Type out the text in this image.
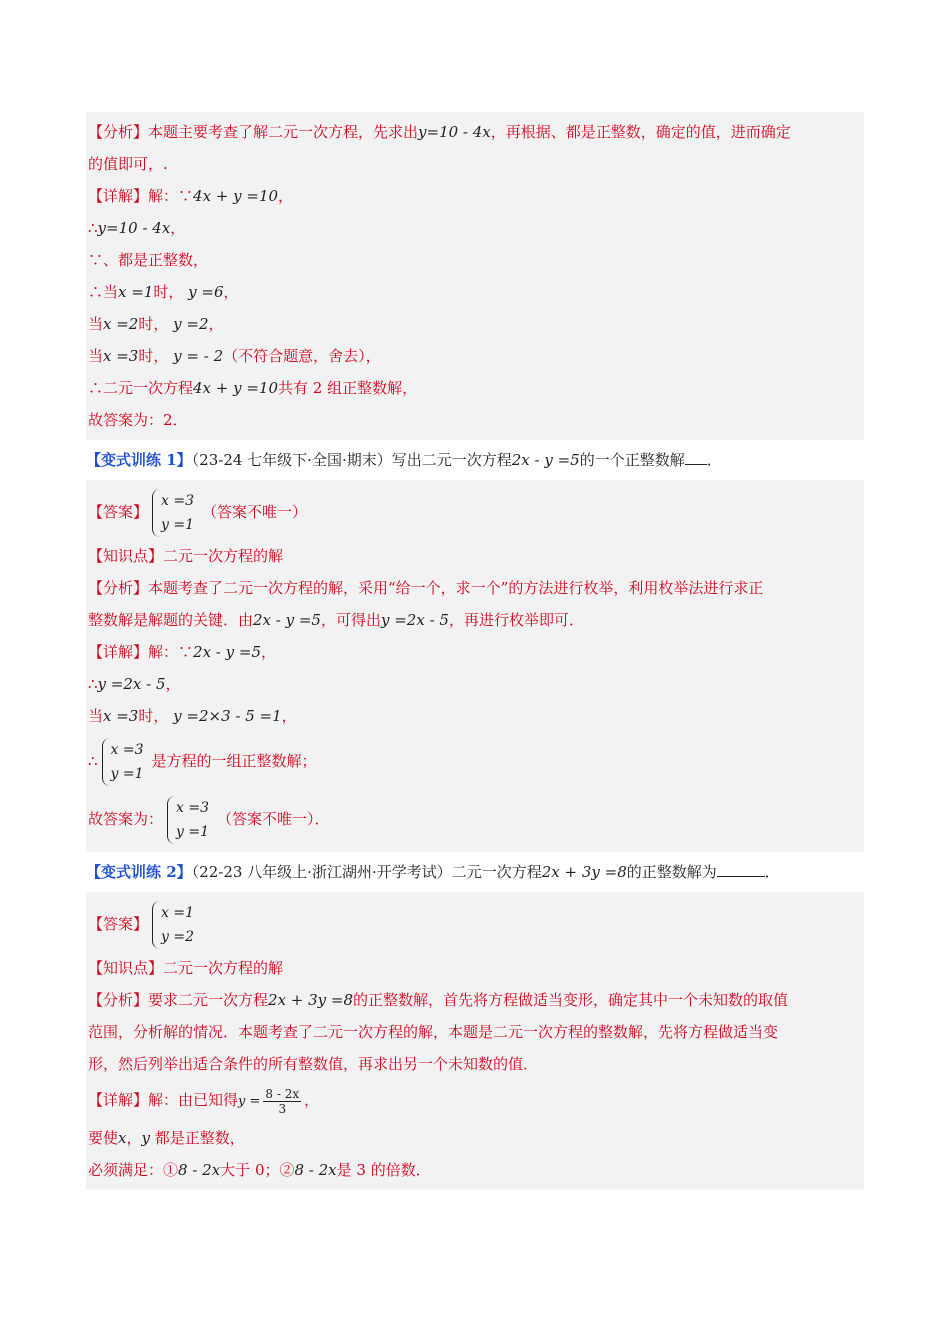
【分析】本题主要考查了解二元一次方程，先求出y=10 - 4x，再根据、都是正整数，确定的值，进而确定
的值即可，.
【详解】解：∵4x + y =10，
∴y=10 - 4x，
∵、都是正整数，
∴当x =1时， y =6，
当x =2时， y =2，
当x =3时， y = - 2（不符合题意，舍去），
∴二元一次方程4x + y =10共有 2 组正整数解，
故答案为：2．
【变式训练 1】（23-24 七年级下·全国·期末）写出二元一次方程2x - y =5的一个正整数解 ．
【答案】
x =3
y =1
（答案不唯一）
【知识点】二元一次方程的解
【分析】本题考查了二元一次方程的解，采用“给一个，求一个”的方法进行枚举，利用枚举法进行求正
整数解是解题的关键．由2x - y =5，可得出y =2x - 5，再进行枚举即可．
【详解】解：∵2x - y =5，
∴y =2x - 5，
当x =3时， y =2×3 - 5 =1，
∴
x =3
y =1
是方程的一组正整数解；
故答案为：
x =3
y =1
（答案不唯一）．
【变式训练 2】（22-23 八年级上·浙江湖州·开学考试）二元一次方程2x + 3y =8的正整数解为	．
【答案】
x =1
y =2
【知识点】二元一次方程的解
【分析】要求二元一次方程2x + 3y =8的正整数解，首先将方程做适当变形，确定其中一个未知数的取值
范围，分析解的情况．本题考查了二元一次方程的解，本题是二元一次方程的整数解，先将方程做适当变
形，然后列举出适合条件的所有整数值，再求出另一个未知数的值．
【详解】解：由已知得$y = \frac{8 - 2x}{3}$ ，
要使x，y 都是正整数，
必须满足：①8 - 2x大于 0；②8 - 2x是 3 的倍数．
